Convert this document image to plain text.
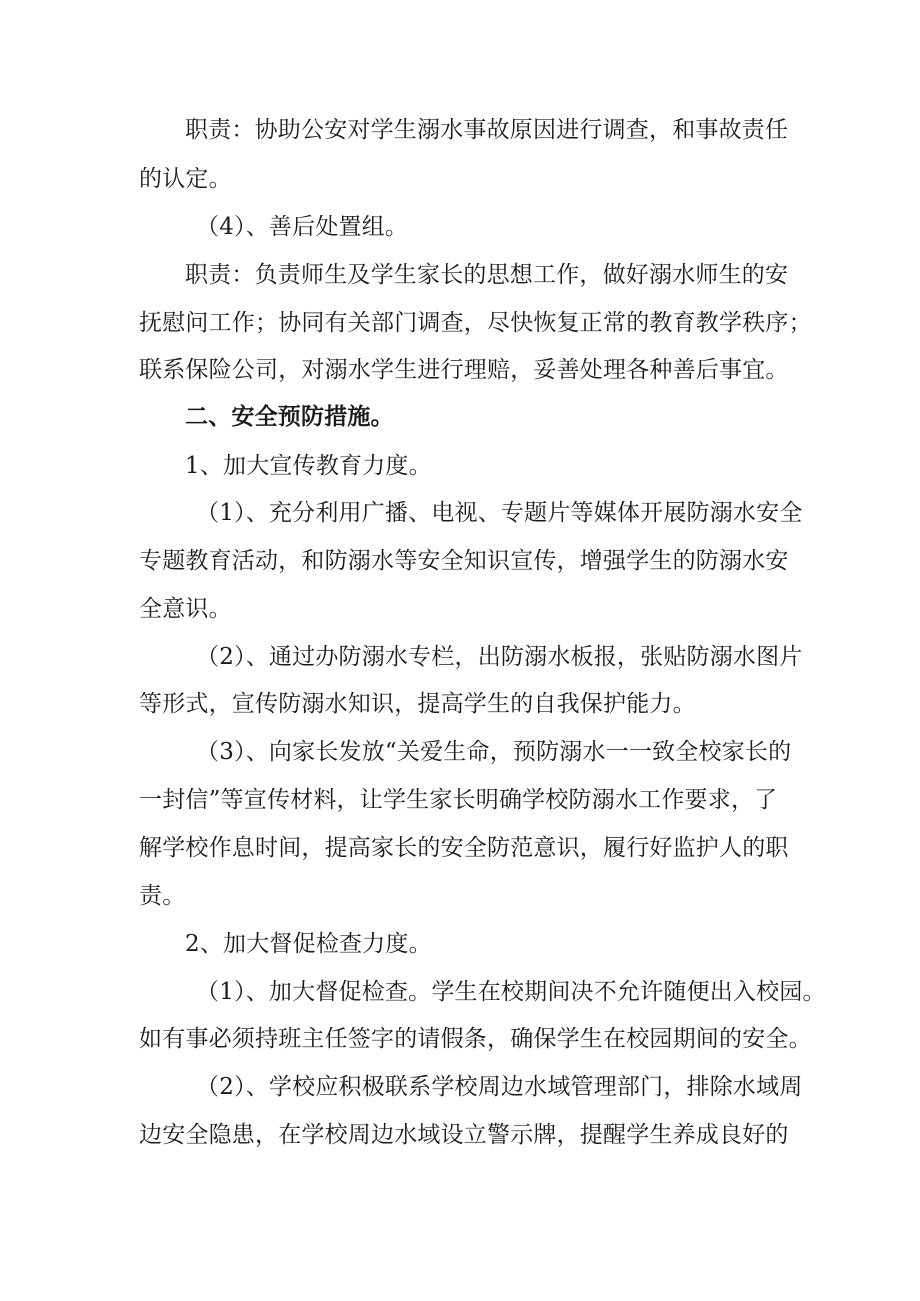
职责：协助公安对学生溺水事故原因进行调查，和事故责任
的认定。
（4）、善后处置组。
职责：负责师生及学生家长的思想工作，做好溺水师生的安
抚慰问工作；协同有关部门调查，尽快恢复正常的教育教学秩序；
联系保险公司，对溺水学生进行理赔，妥善处理各种善后事宜。
二、安全预防措施。
1、加大宣传教育力度。
（1）、充分利用广播、电视、专题片等媒体开展防溺水安全
专题教育活动，和防溺水等安全知识宣传，增强学生的防溺水安
全意识。
（2）、通过办防溺水专栏，出防溺水板报，张贴防溺水图片
等形式，宣传防溺水知识，提高学生的自我保护能力。
（3）、向家长发放“关爱生命，预防溺水一一致全校家长的
一封信”等宣传材料，让学生家长明确学校防溺水工作要求，了
解学校作息时间，提高家长的安全防范意识，履行好监护人的职
责。
2、加大督促检查力度。
（1）、加大督促检查。学生在校期间决不允许随便出入校园。
如有事必须持班主任签字的请假条，确保学生在校园期间的安全。
（2）、学校应积极联系学校周边水域管理部门，排除水域周
边安全隐患，在学校周边水域设立警示牌，提醒学生养成良好的
